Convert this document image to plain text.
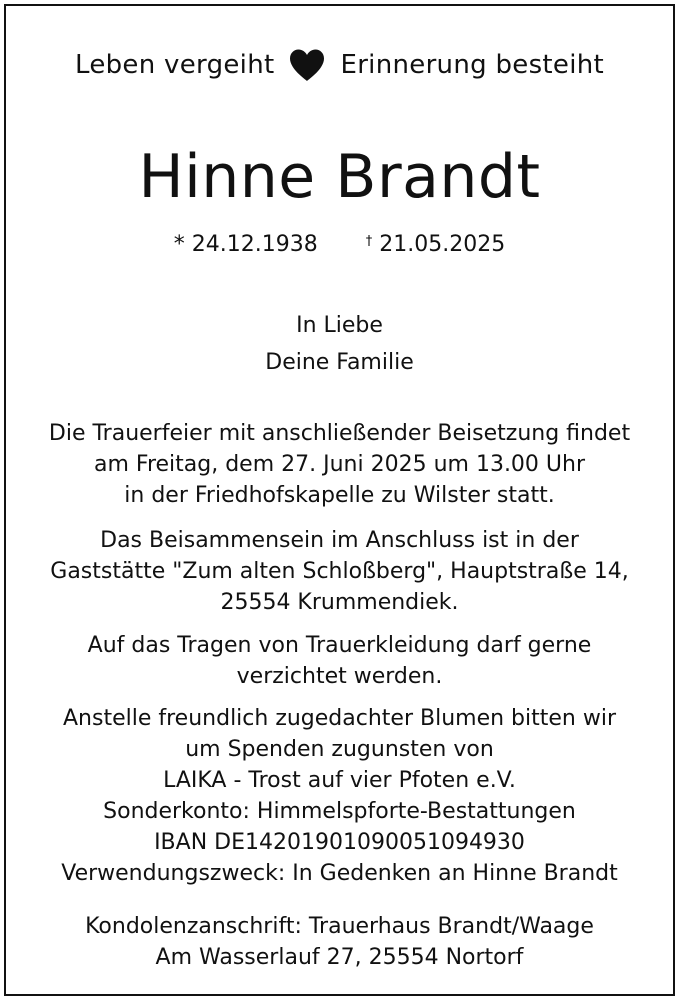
Leben vergeiht	Erinnerung besteiht
Hinne Brandt
* 24.12.1938	† 21.05.2025
In Liebe
Deine Familie
Die Trauerfeier mit anschließender Beisetzung findet
am Freitag, dem 27. Juni 2025 um 13.00 Uhr
in der Friedhofskapelle zu Wilster statt.
Das Beisammensein im Anschluss ist in der
Gaststätte "Zum alten Schloßberg", Hauptstraße 14,
25554 Krummendiek.
Auf das Tragen von Trauerkleidung darf gerne
verzichtet werden.
Anstelle freundlich zugedachter Blumen bitten wir
um Spenden zugunsten von
LAIKA - Trost auf vier Pfoten e.V.
Sonderkonto: Himmelspforte-Bestattungen
IBAN DE14201901090051094930
Verwendungszweck: In Gedenken an Hinne Brandt
Kondolenzanschrift: Trauerhaus Brandt/Waage
Am Wasserlauf 27, 25554 Nortorf
